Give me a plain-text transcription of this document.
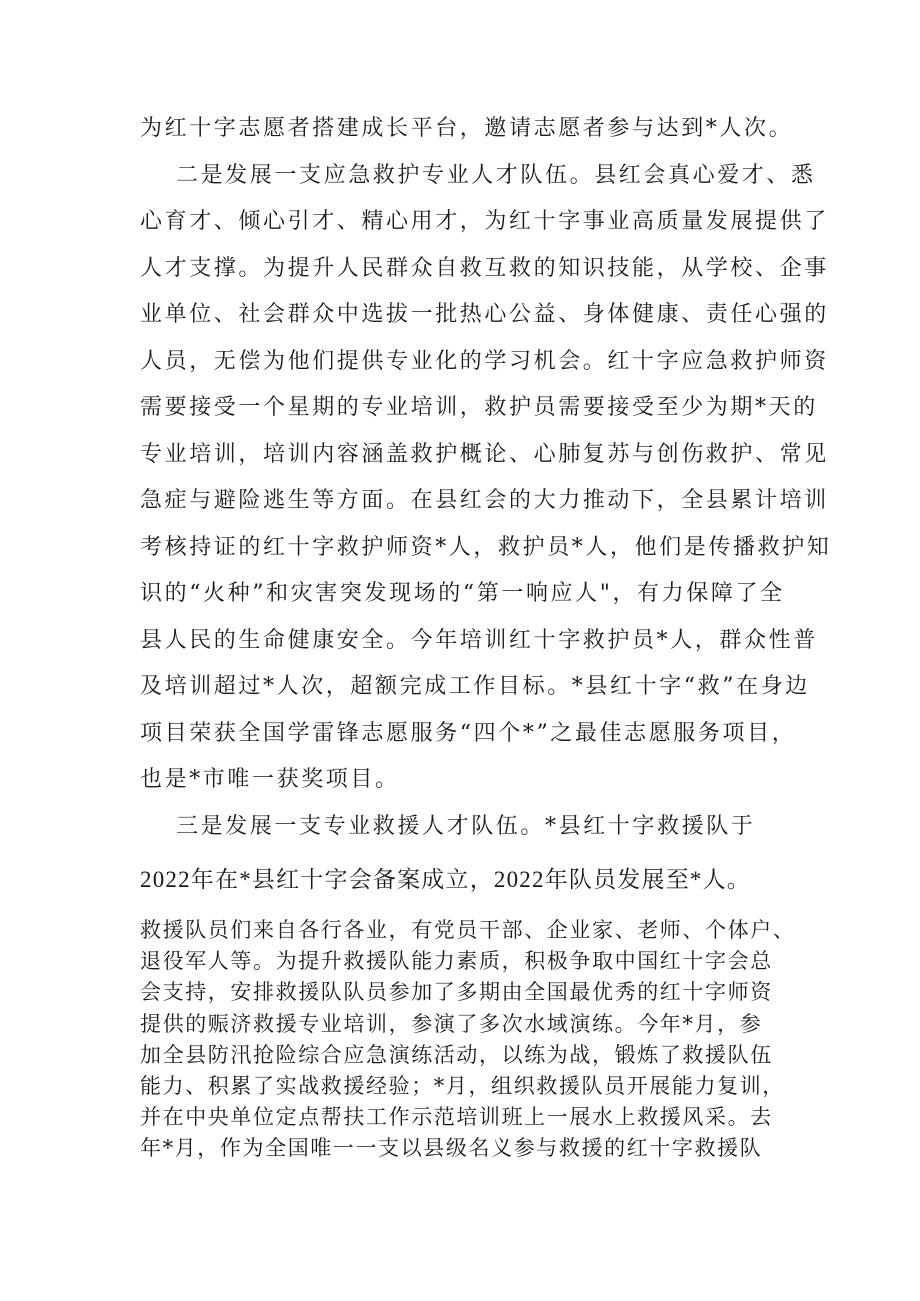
为红十字志愿者搭建成长平台，邀请志愿者参与达到*人次。
二是发展一支应急救护专业人才队伍。县红会真心爱才、悉
心育才、倾心引才、精心用才，为红十字事业高质量发展提供了
人才支撑。为提升人民群众自救互救的知识技能，从学校、企事
业单位、社会群众中选拔一批热心公益、身体健康、责任心强的
人员，无偿为他们提供专业化的学习机会。红十字应急救护师资
需要接受一个星期的专业培训，救护员需要接受至少为期*天的
专业培训，培训内容涵盖救护概论、心肺复苏与创伤救护、常见
急症与避险逃生等方面。在县红会的大力推动下，全县累计培训
考核持证的红十字救护师资*人，救护员*人，他们是传播救护知
识的“火种”和灾害突发现场的“第一响应人"，有力保障了全
县人民的生命健康安全。今年培训红十字救护员*人，群众性普
及培训超过*人次，超额完成工作目标。*县红十字“救”在身边
项目荣获全国学雷锋志愿服务“四个*”之最佳志愿服务项目，
也是*市唯一获奖项目。
三是发展一支专业救援人才队伍。*县红十字救援队于
2022年在*县红十字会备案成立，2022年队员发展至*人。
救援队员们来自各行各业，有党员干部、企业家、老师、个体户、
退役军人等。为提升救援队能力素质，积极争取中国红十字会总
会支持，安排救援队队员参加了多期由全国最优秀的红十字师资
提供的赈济救援专业培训，参演了多次水域演练。今年*月，参
加全县防汛抢险综合应急演练活动，以练为战，锻炼了救援队伍
能力、积累了实战救援经验；*月，组织救援队员开展能力复训，
并在中央单位定点帮扶工作示范培训班上一展水上救援风采。去
年*月，作为全国唯一一支以县级名义参与救援的红十字救援队
